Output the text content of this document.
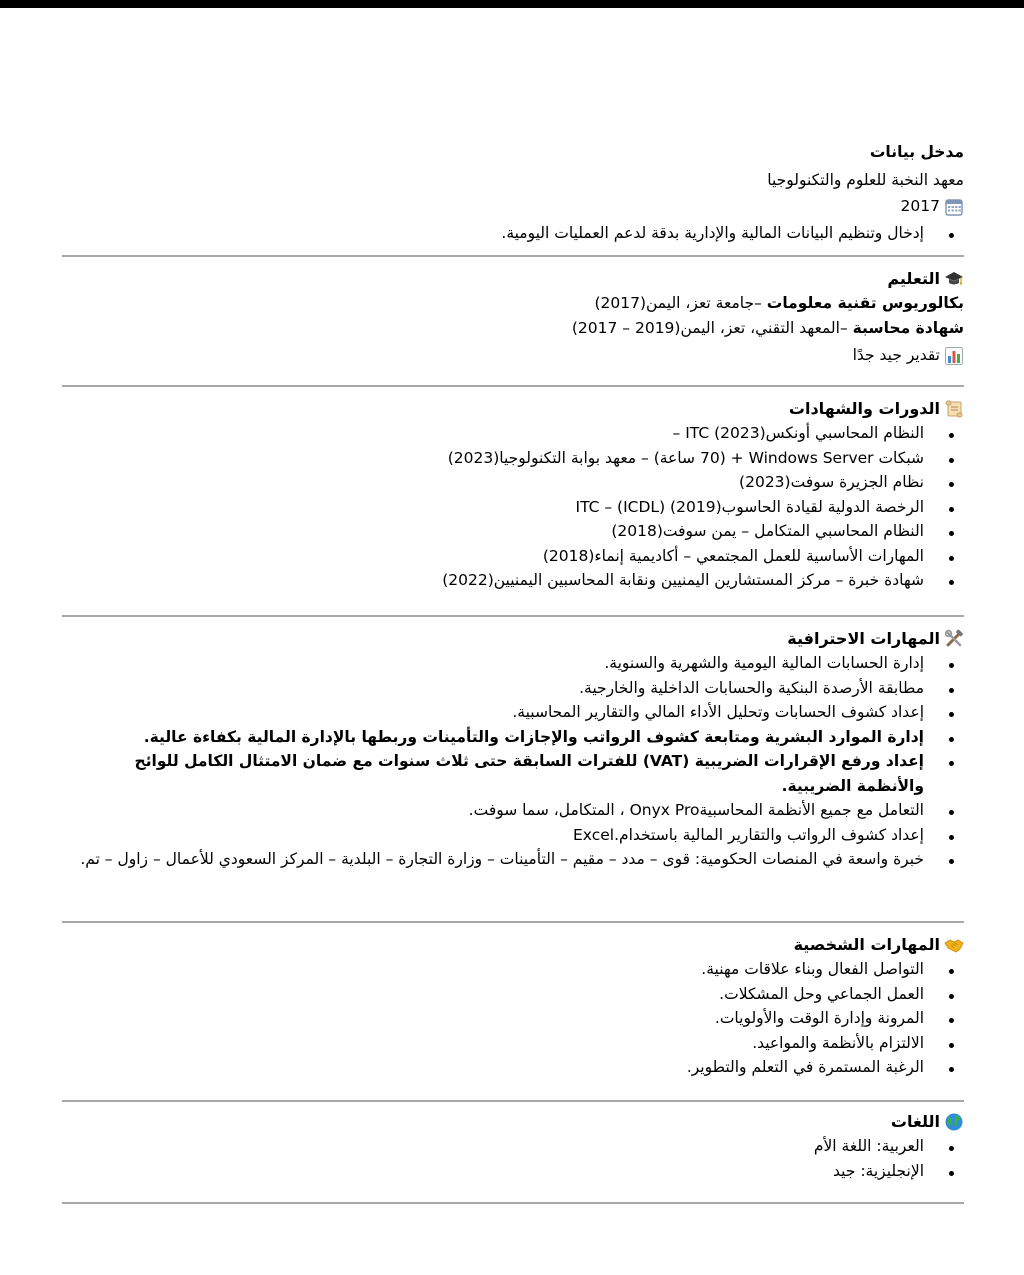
مدخل بيانات
معهد النخبة للعلوم والتكنولوجيا
2017
إدخال وتنظيم البيانات المالية والإدارية بدقة لدعم العمليات اليومية.
التعليم
بكالوريوس تقنية معلومات –جامعة تعز، اليمن(2017)
شهادة محاسبة –المعهد التقني، تعز، اليمن(2019 – 2017)
تقدير جيد جدًا
الدورات والشهادات
النظام المحاسبي أونكس(2023) ITC –
شبكات Windows Server + (70 ساعة) – معهد بوابة التكنولوجيا(2023)
نظام الجزيرة سوفت(2023)
الرخصة الدولية لقيادة الحاسوب(2019) ITC – (ICDL)
النظام المحاسبي المتكامل – يمن سوفت(2018)
المهارات الأساسية للعمل المجتمعي – أكاديمية إنماء(2018)
شهادة خبرة – مركز المستشارين اليمنيين ونقابة المحاسبين اليمنيين(2022)
المهارات الاحترافية
إدارة الحسابات المالية اليومية والشهرية والسنوية.
مطابقة الأرصدة البنكية والحسابات الداخلية والخارجية.
إعداد كشوف الحسابات وتحليل الأداء المالي والتقارير المحاسبية.
إدارة الموارد البشرية ومتابعة كشوف الرواتب والإجازات والتأمينات وربطها بالإدارة المالية بكفاءة عالية.
إعداد ورفع الإقرارات الضريبية (VAT) للفترات السابقة حتى ثلاث سنوات مع ضمان الامتثال الكامل للوائح والأنظمة الضريبية.
التعامل مع جميع الأنظمة المحاسبيةOnyx Pro ، المتكامل، سما سوفت.
إعداد كشوف الرواتب والتقارير المالية باستخدام.Excel
خبرة واسعة في المنصات الحكومية: قوى – مدد – مقيم – التأمينات – وزارة التجارة – البلدية – المركز السعودي للأعمال – زاول – تم.
المهارات الشخصية
التواصل الفعال وبناء علاقات مهنية.
العمل الجماعي وحل المشكلات.
المرونة وإدارة الوقت والأولويات.
الالتزام بالأنظمة والمواعيد.
الرغبة المستمرة في التعلم والتطوير.
اللغات
العربية: اللغة الأم
الإنجليزية: جيد
